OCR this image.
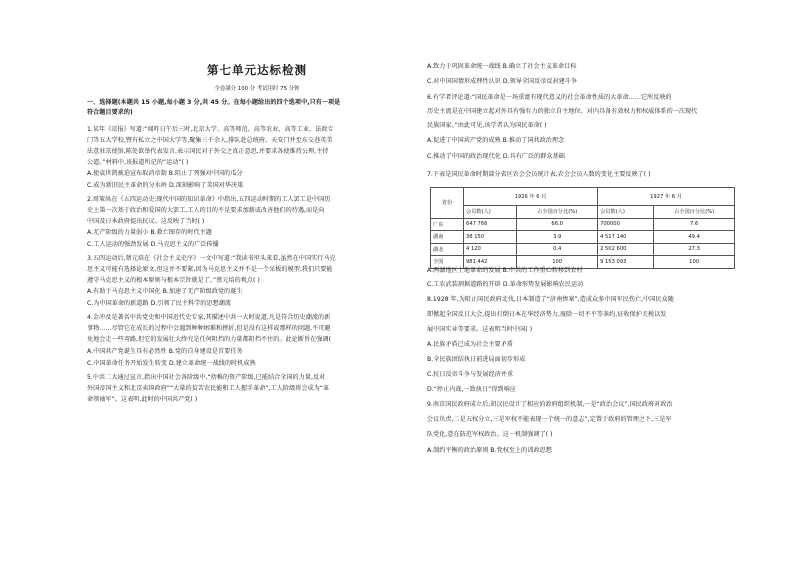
第七单元达标检测
全卷满分 100 分 考试用时 75 分钟
一、选择题(本题共 15 小题,每小题 3 分,共 45 分。在每小题给出的四个选项中,只有一项是
符合题目要求的)
1.某年《京报》写道:“闻昨日午后三时,北京大学、高等师范、高等农业、高等工业、法政专
门等五大学校,暨有私立之中国大学等,聚集三千余人,排队赴总统府、天安门并至东交巷英美
法意驻京使馆,陈处欲举代表发言,表示国民对于外交之真正意思,并要求各使维持公理,主持
公道。”材料中,该报道所记的“运动”( )
A.使袁世凯被迫宣布取消帝制 B.阻止了列强对中国的瓜分
C.成为新旧民主革命的分水岭 D.深刻影响了美国对华决策
2.周策纵在《五四运动史:现代中国的知识革命》中指出,五四运动时期的工人罢工是中国历
史上第一次基于政治和爱国的大罢工,工人的目的不是要求加薪或改善他们的待遇,而是向
中国及日本政府提出抗议。这反映了当时( )
A.无产阶级的力量弱小 B.救亡图存的时代主题
C.工人运动的强劲发展 D.马克思主义的广泛传播
3.五四运动后,蔡元培在《社会主义史序》一文中写道:“我读书里头来看,虽然在中国实行马克
思主义可能有选择论原文,但这并不要紧,因为马克思主义并不是一个呆板的模型,我们只要能
遵守马克思主义的根本原则与根本宗旨就是了。”蔡元培的观点( )
A.有助于马克思主义中国化 B.加速了无产阶级政党的诞生
C.为中国革命的新道路 D.引领了民主科学的思想潮流
4.金冲及是著名中共党史和中国近代史专家,其描述中共一大时说道,凡是符合历史潮流的新
事物……尽管它在成长的过程中会遇到种种困难和挫折,但是没有这样或那样的问题,不可避
免地会走一些弯路,但它的发展壮大终究是任何阻挡的力量都阻挡不住的。此论断旨在强调(
A.中国共产党诞生具有必然性 B.党的自身建设是首要任务
C.中国革命任务开始发生转变 D.建立革命统一战线的时机成熟
5.中共二大通过宣言,指出中国社会各阶级中,“幼稚的资产阶级,已能结合全国的力量,反对
外国帝国主义和北京卖国政府”“大量的贫苦农民能和工人握手革命”,工人阶级将会成为“革
命领袖军”。这表明,此时的中国共产党( )
A.致力于巩固革命统一战线 B.确立了社会主义革命目标
C.对中国国情形成理性认识 D.领导全国反帝反封建斗争
6.有学者评论道:“国民革命是一场重富有现代意义的社会革命性质的大革命……它所反映的
历史主流是在中国建立起对外具有强有力的独立自主地位、对内具备有效权力和权威体系的一次现代
民族国家。”由此可见,该学者认为国民革命( )
A.促进了中国共产党的成熟 B.推动了国共政治理念
C.推动了中国的政治现代化 D.具有广泛的群众基础
7.下表是国民革命时期部分省区农会会员统计表,农会会员人数的变化主要反映了( )
省份	1926 年 6 月		1927 年 6 月	
	会员数(人)	占全国百分比(%)	会员数(人)	占全国百分比(%)
广东	647 766	66.0	700000	7.6
湖南	38 150	3.9	4 517 140	49.4
湖北	4 120	0.4	2 502 600	27.3
全国	981 442	100	9 153 093	100
A.两湖地区土地革命的发展 B.中共的工作重心转移到农村
C.工农武装割据道路的开辟 D.革命形势发展影响农民运动
8.1928 年,为阻止国民政府北伐,日本制造了“济南惨案”,造成众多中国军民伤亡,中国民众随
即掀起全国反日大会,提出打倒日本在华经济势力,废除一切不平等条约,征收保护关税以发
展中国实业等要求。这表明当时中国( )
A.民族矛盾已成为社会主要矛盾
B.全民族团结执日前进局面初步形成
C.抗日反帝斗争与发展经济并重
D.“停止内战,一致执日”得到响应
9.南京国民政府成立后,胡汉民设计了相应的政府组织机制,一是“政治会议”,国民政府对政治
会议负责,二是五权分立,三是军权不能表现一个统一的意志”,定置于政府的管理之下,三是军
队党化,意在防范军权政治。这一机制强调了( )
A.制约平衡的政治原则 B.党权至上的训政思想
